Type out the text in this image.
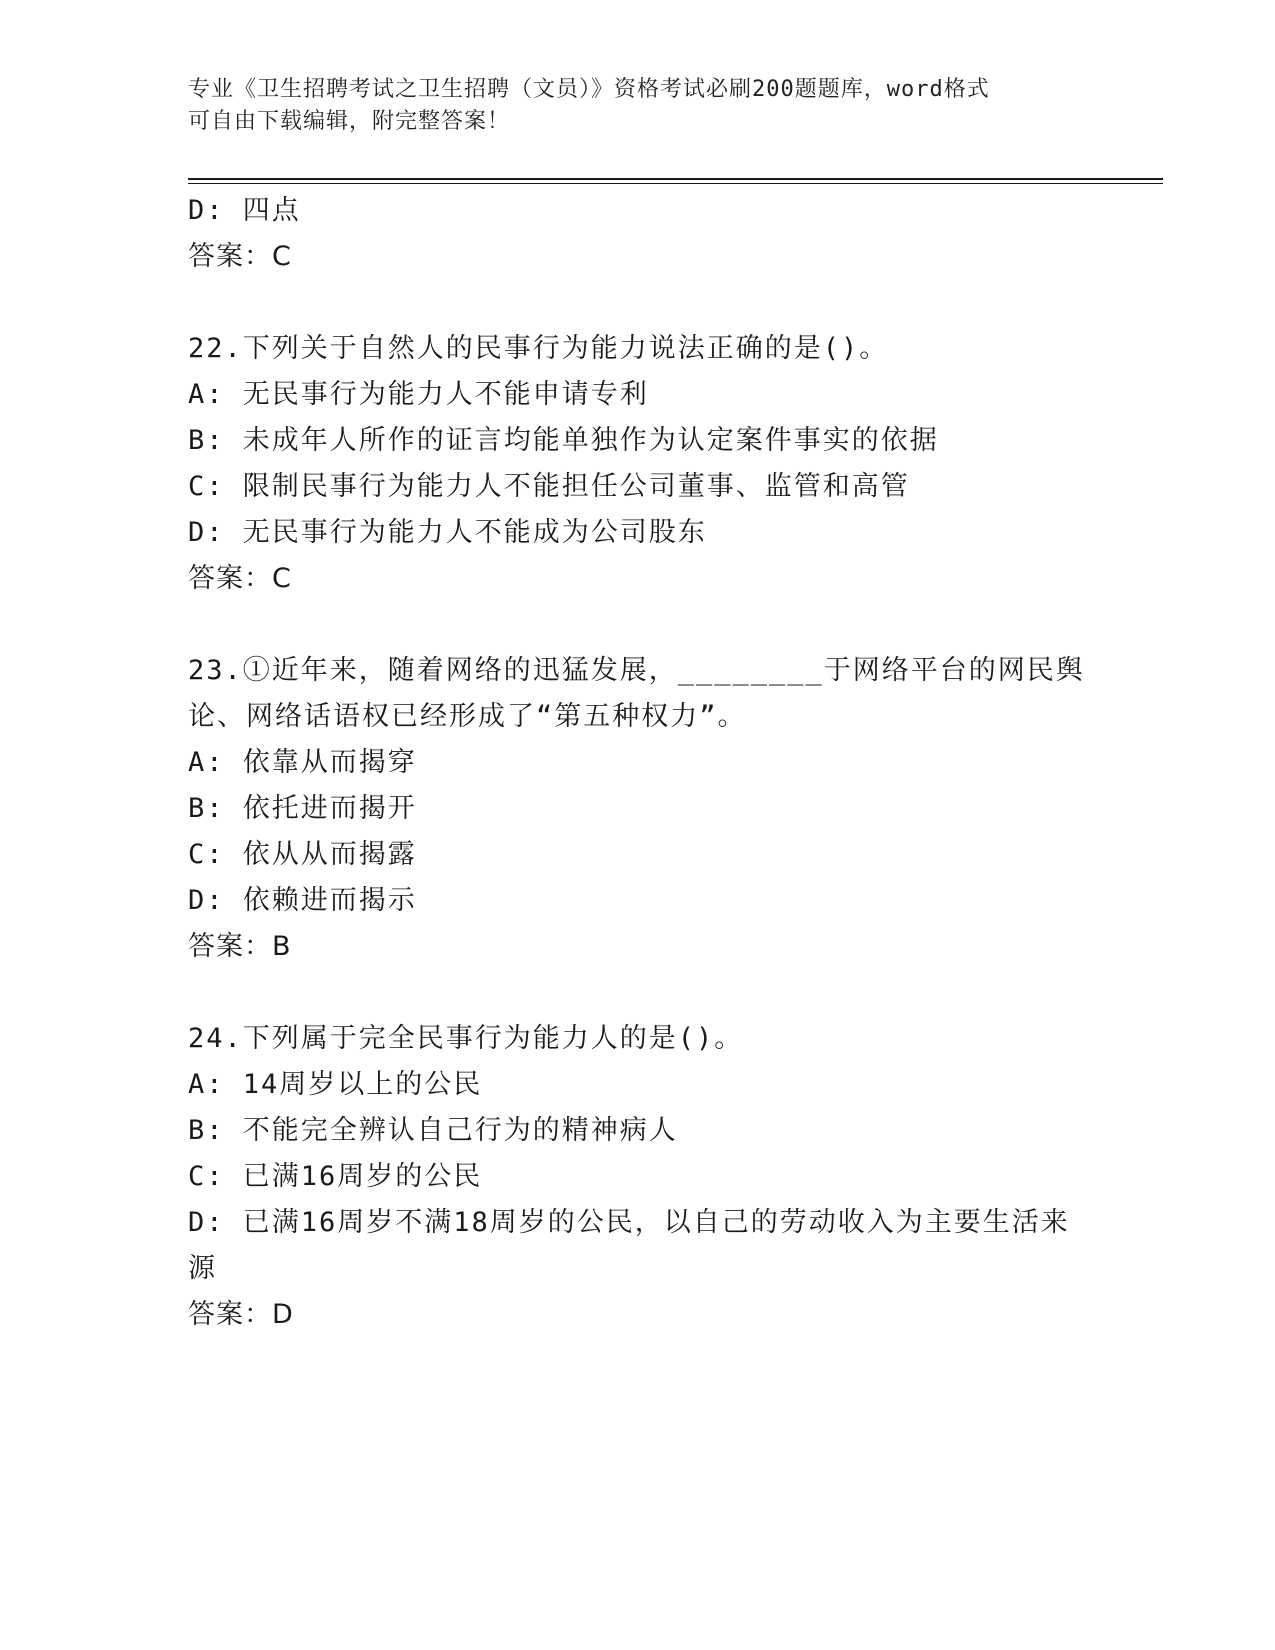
专业《卫生招聘考试之卫生招聘（文员）》资格考试必刷200题题库，word格式
可自由下载编辑，附完整答案！
D: 四点
答案：C
22.下列关于自然人的民事行为能力说法正确的是()。
A: 无民事行为能力人不能申请专利
B: 未成年人所作的证言均能单独作为认定案件事实的依据
C: 限制民事行为能力人不能担任公司董事、监管和高管
D: 无民事行为能力人不能成为公司股东
答案：C
23.①近年来，随着网络的迅猛发展，________于网络平台的网民舆论、网络话语权已经形成了“第五种权力”。
A: 依靠从而揭穿
B: 依托进而揭开
C: 依从从而揭露
D: 依赖进而揭示
答案：B
24.下列属于完全民事行为能力人的是()。
A: 14周岁以上的公民
B: 不能完全辨认自己行为的精神病人
C: 已满16周岁的公民
D: 已满16周岁不满18周岁的公民，以自己的劳动收入为主要生活来源
答案：D
